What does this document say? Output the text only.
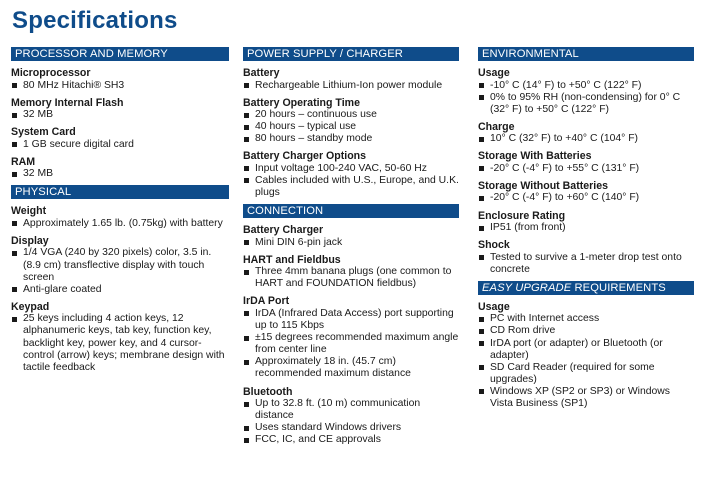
Specifications
PROCESSOR AND MEMORY
Microprocessor
80 MHz Hitachi® SH3
Memory Internal Flash
32 MB
System Card
1 GB secure digital card
RAM
32 MB
PHYSICAL
Weight
Approximately 1.65 lb. (0.75kg) with battery
Display
1/4 VGA (240 by 320 pixels) color, 3.5 in. (8.9 cm) transflective display with touch screen
Anti-glare coated
Keypad
25 keys including 4 action keys, 12 alphanumeric keys, tab key, function key, backlight key, power key, and 4 cursor-control (arrow) keys; membrane design with tactile feedback
POWER SUPPLY / CHARGER
Battery
Rechargeable Lithium-Ion power module
Battery Operating Time
20 hours – continuous use
40 hours – typical use
80 hours – standby mode
Battery Charger Options
Input voltage 100-240 VAC, 50-60 Hz
Cables included with U.S., Europe, and U.K. plugs
CONNECTION
Battery Charger
Mini DIN 6-pin jack
HART and Fieldbus
Three 4mm banana plugs (one common to HART and FOUNDATION fieldbus)
IrDA Port
IrDA (Infrared Data Access) port supporting up to 115 Kbps
±15 degrees recommended maximum angle from center line
Approximately 18 in. (45.7 cm) recommended maximum distance
Bluetooth
Up to 32.8 ft. (10 m) communication distance
Uses standard Windows drivers
FCC, IC, and CE approvals
ENVIRONMENTAL
Usage
-10° C (14° F) to +50° C (122° F)
0% to 95% RH (non-condensing) for 0° C (32° F) to +50° C (122° F)
Charge
10° C (32° F) to +40° C (104° F)
Storage With Batteries
-20° C (-4° F) to +55° C (131° F)
Storage Without Batteries
-20° C (-4° F) to +60° C (140° F)
Enclosure Rating
IP51 (from front)
Shock
Tested to survive a 1-meter drop test onto concrete
EASY UPGRADE REQUIREMENTS
Usage
PC with Internet access
CD Rom drive
IrDA port (or adapter) or Bluetooth (or adapter)
SD Card Reader (required for some upgrades)
Windows XP (SP2 or SP3) or Windows Vista Business (SP1)
